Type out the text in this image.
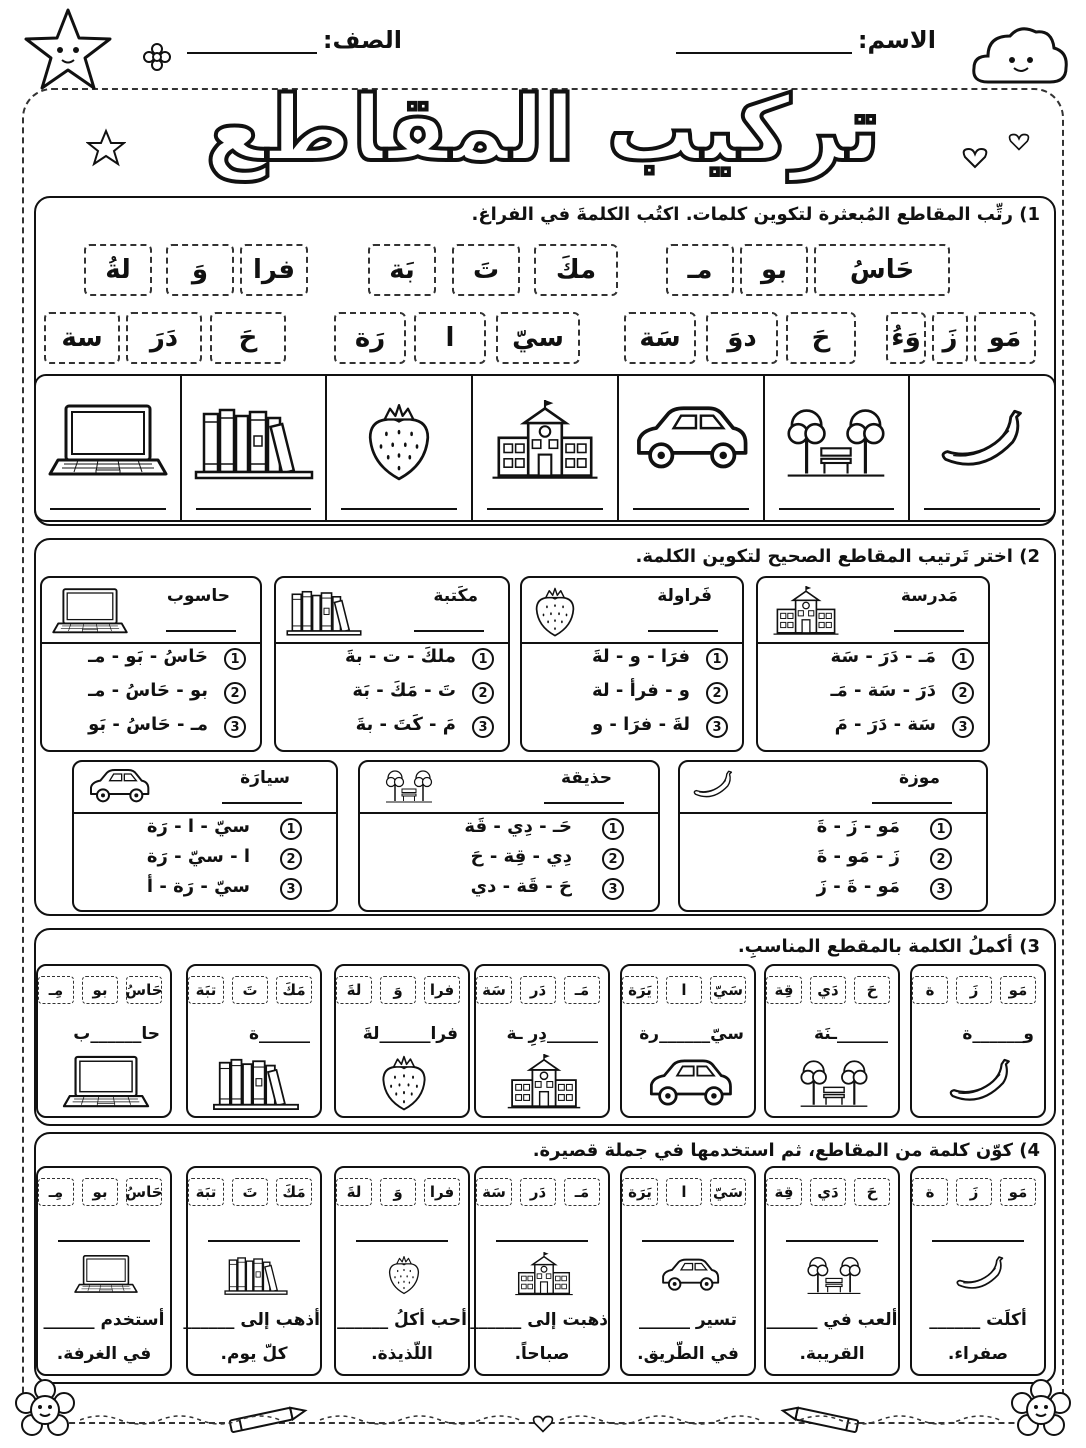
الاسم:
الصف:
تركيب المقاطع
1) رتِّب المقاطع المُبعثرة لتكوين كلمات. اكتُب الكلمةَ في الفراغ.
حَاسُ
بو
مـ
مكَ
تَ
بَة
فرا
وَ
لةُ
مَو
زَ
وَءُ
حَ
دوَ
سَة
سيّ
ا
رَة
حَ
دَرَ
سة
2) اختر تَرتيب المقاطع الصحيح لتكوين الكلمة.
مَدرسة
1
مَـ - دَرَ - سَة
2
دَرَ - سَة - مَـ
3
سَة - دَرَ - مَ
فَراولة
1
فرَا - و - لةَ
2
و - فرأ - لة
3
لةَ - فرَا - و
مكَتبة
1
ملكَ - ت - بةَ
2
تَ - مَكَ - بَة
3
مَ - كَتَ - بةَ
حاسوب
1
حَاسُ - بَو - مـ
2
بو - حَاسُ - مـ
3
مـ - حَاسُ - بَو
موزة
1
مَو - زَ - ةَ
2
زَ - مَو - ةَ
3
مَو - ةَ - زَ
حذيقة
1
حَـ - دِي - قَة
2
دِي - قِة - حَ
3
حَ - قَة - دي
سيارَة
1
سيّ - ا - رَة
2
ا - سيّ - رَة
3
سيّ - رَة - أ
3) أكملُ الكلمة بالمقطع المناسبِ.
مَو
زَ
ة
و______ة
حَ
دَي
قِة
______ـنَة
سَيّ
ا
يَرَة
سيّ______رة
مَـ
دَر
سَة
______دِرِ ـة
فرا
وَ
لةَ
فرا______لةَ
مَكَ
تَ
تبَة
______ة
حَاسُ
بو
مِـ
حا______ب
4) كوّن كلمة من المقاطع، ثم استخدمها في جملة قصيرة.
مَو
زَ
ة
أكلَت ______
صفراء.
حَ
دَي
قِة
ألعب في ______
القريبة.
سَيّ
ا
يَرَة
تسير ______
في الطّريق.
مَـ
دَر
سَة
ذهبت إلى ______
صباحاً.
فرا
وَ
لةَ
أحب أكلُ ______
اللّذيذة.
مَكَ
تَ
تبَة
أذهب إلى ______
كلّ يوم.
حَاسُ
بو
مِـ
أستخدم ______
في الغرفة.
